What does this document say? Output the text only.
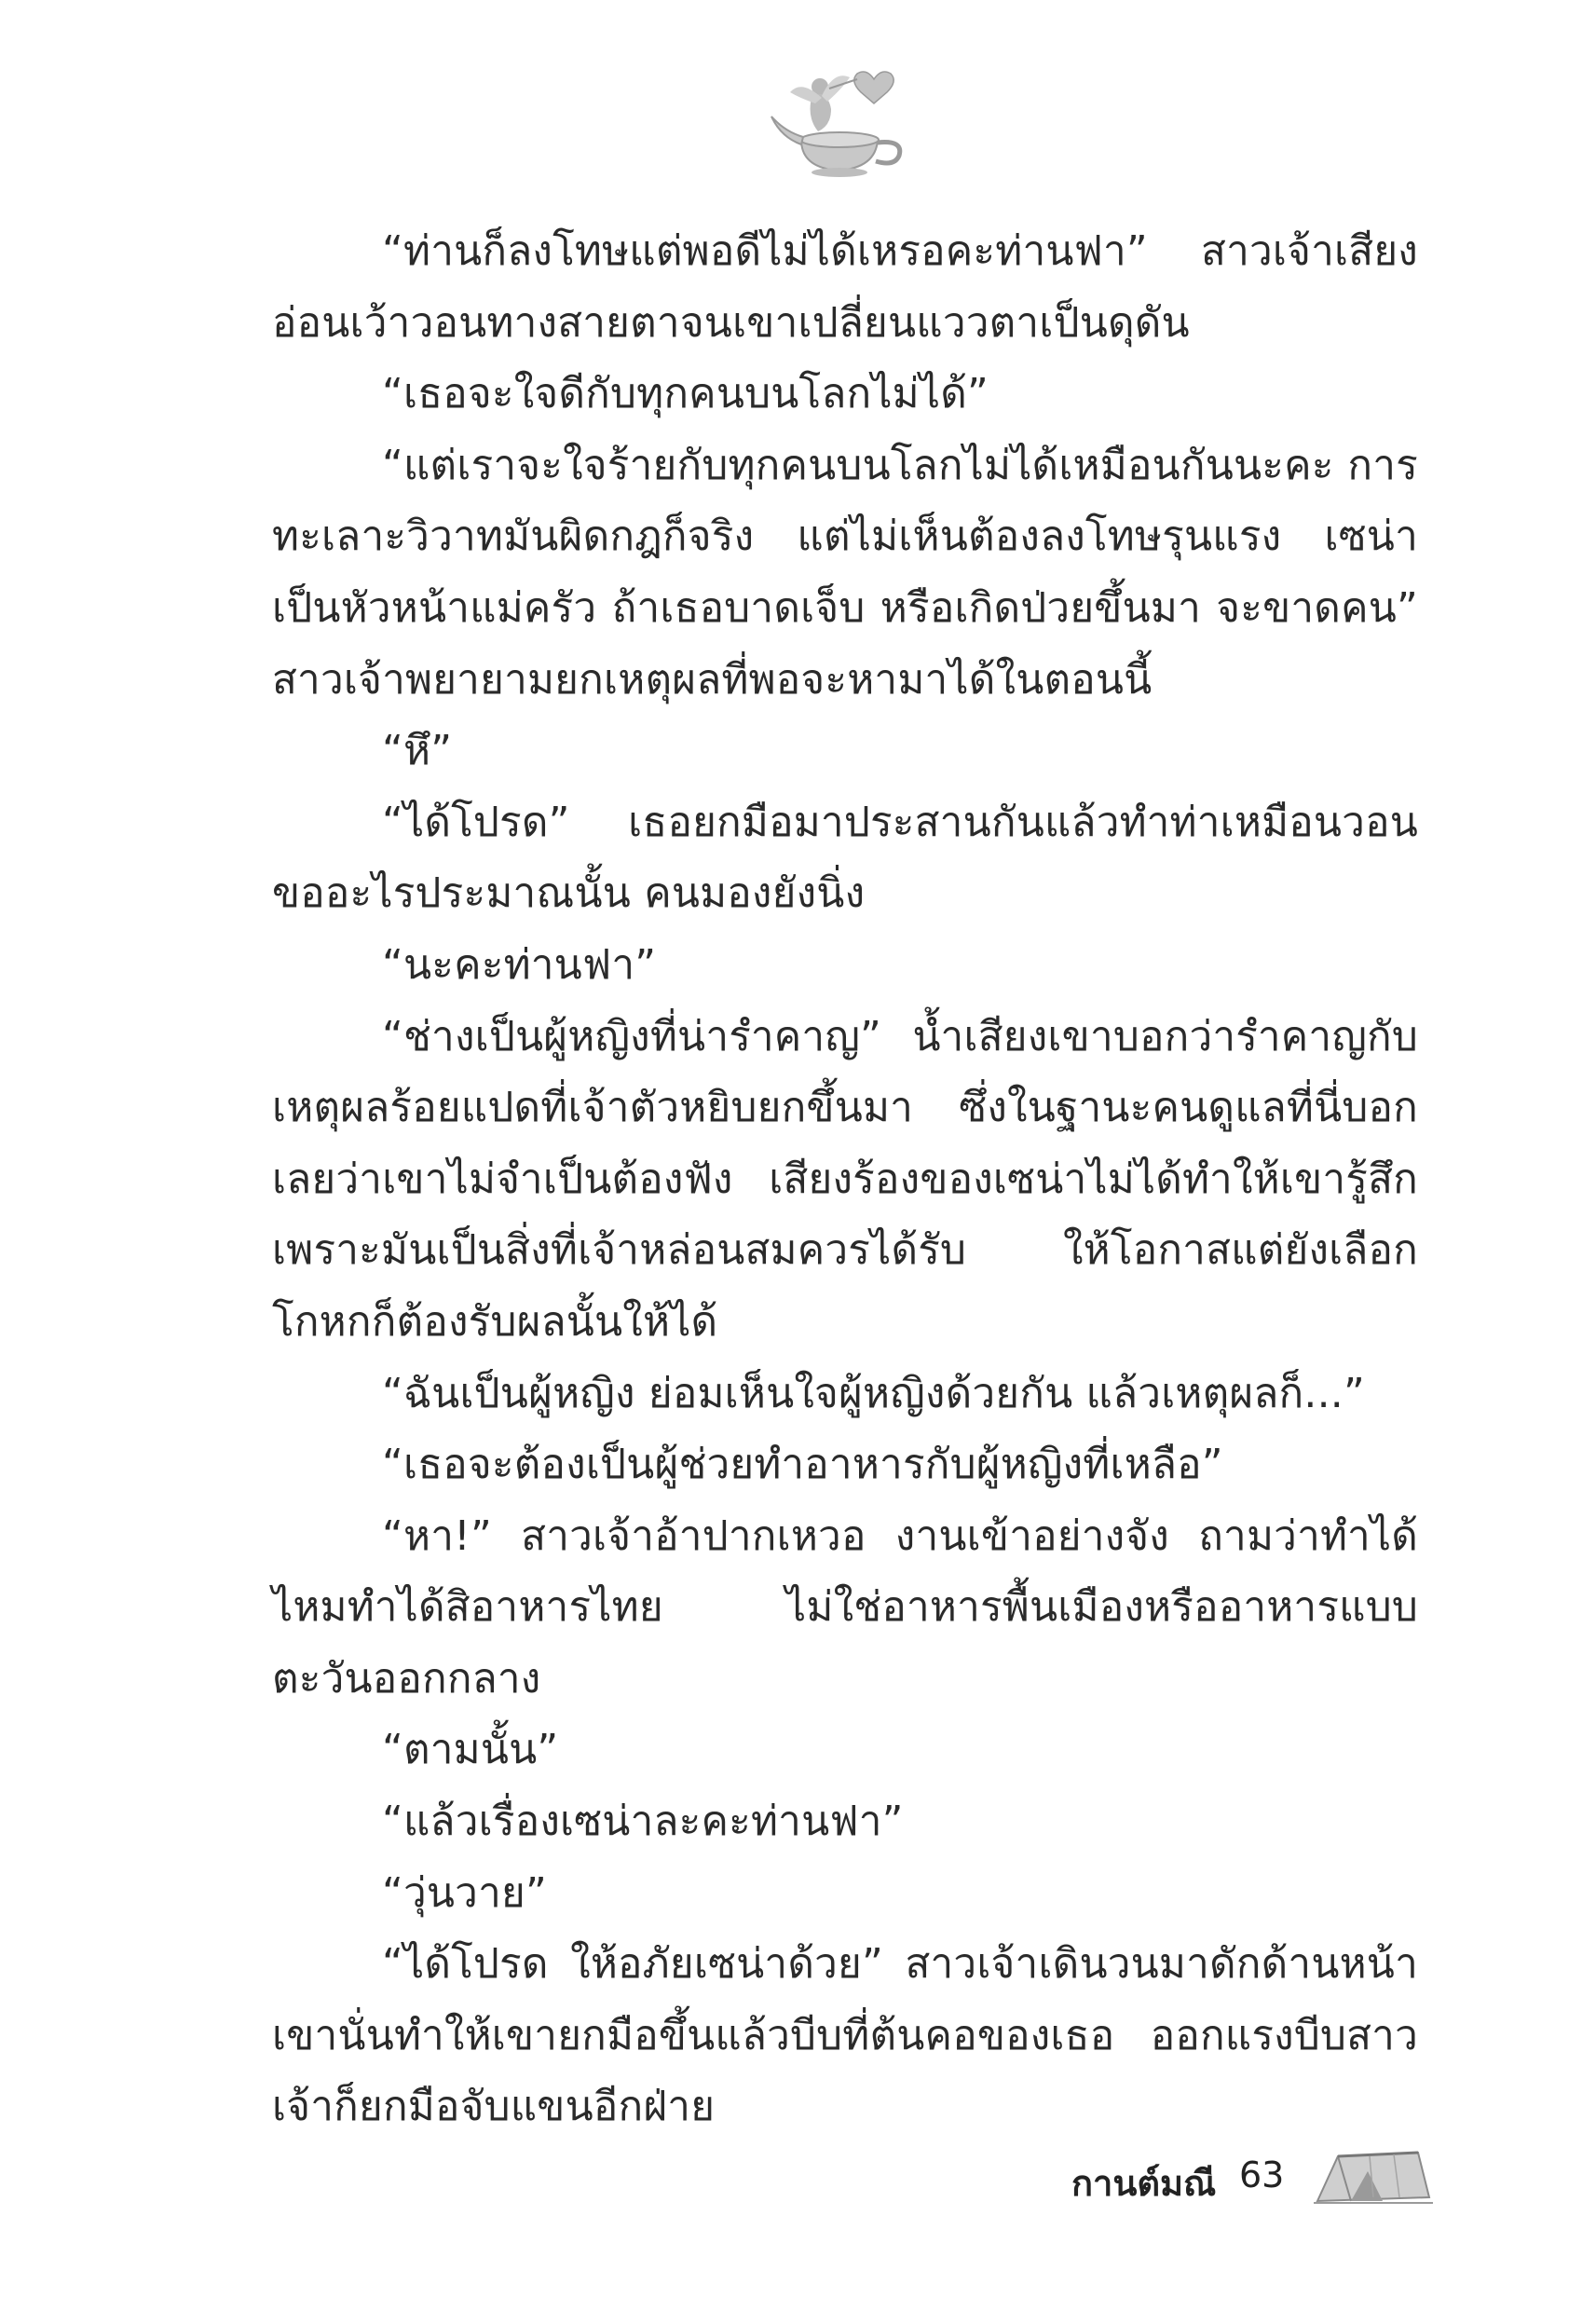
“ท่านก็ลงโทษแต่พอดีไม่ได้เหรอคะท่านฟา” สาวเจ้าเสียงอ่อนเว้าวอนทางสายตาจนเขาเปลี่ยนแววตาเป็นดุดัน

“เธอจะใจดีกับทุกคนบนโลกไม่ได้”

“แต่เราจะใจร้ายกับทุกคนบนโลกไม่ได้เหมือนกันนะคะ การทะเลาะวิวาทมันผิดกฎก็จริง แต่ไม่เห็นต้องลงโทษรุนแรง เซน่าเป็นหัวหน้าแม่ครัว ถ้าเธอบาดเจ็บ หรือเกิดป่วยขึ้นมา จะขาดคน” สาวเจ้าพยายามยกเหตุผลที่พอจะหามาได้ในตอนนี้

“หึ”

“ได้โปรด” เธอยกมือมาประสานกันแล้วทำท่าเหมือนวอนขออะไรประมาณนั้น คนมองยังนิ่ง

“นะคะท่านฟา”

“ช่างเป็นผู้หญิงที่น่ารำคาญ” น้ำเสียงเขาบอกว่ารำคาญกับเหตุผลร้อยแปดที่เจ้าตัวหยิบยกขึ้นมา ซึ่งในฐานะคนดูแลที่นี่บอกเลยว่าเขาไม่จำเป็นต้องฟัง เสียงร้องของเซน่าไม่ได้ทำให้เขารู้สึก เพราะมันเป็นสิ่งที่เจ้าหล่อนสมควรได้รับ ให้โอกาสแต่ยังเลือกโกหกก็ต้องรับผลนั้นให้ได้

“ฉันเป็นผู้หญิง ย่อมเห็นใจผู้หญิงด้วยกัน แล้วเหตุผลก็...”

“เธอจะต้องเป็นผู้ช่วยทำอาหารกับผู้หญิงที่เหลือ”

“หา!” สาวเจ้าอ้าปากเหวอ งานเข้าอย่างจัง ถามว่าทำได้ไหมทำได้สิอาหารไทย ไม่ใช่อาหารพื้นเมืองหรืออาหารแบบตะวันออกกลาง

“ตามนั้น”

“แล้วเรื่องเซน่าละคะท่านฟา”

“วุ่นวาย”

“ได้โปรด ให้อภัยเซน่าด้วย” สาวเจ้าเดินวนมาดักด้านหน้าเขานั่นทำให้เขายกมือขึ้นแล้วบีบที่ต้นคอของเธอ ออกแรงบีบสาวเจ้าก็ยกมือจับแขนอีกฝ่าย

กานต์มณี 63
